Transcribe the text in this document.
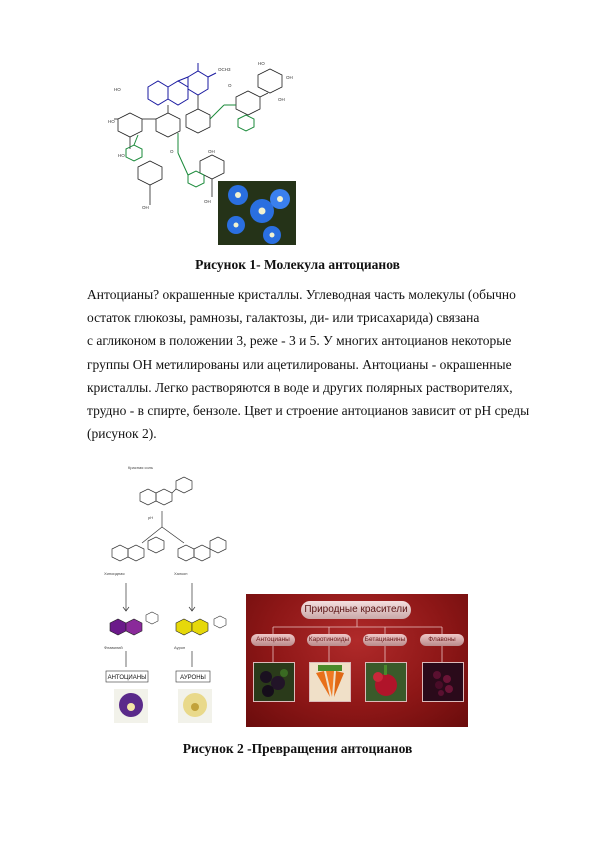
OCH3
HO
HO
O
HO
OH
OH
HO
OH
OH
O	OH
Рисунок 1- Молекула антоцианов

Антоцианы? окрашенные кристаллы. Углеводная часть молекулы (обычно

остаток глюкозы, рамнозы, галактозы, ди- или трисахарида) связана

с агликоном в положении 3, реже - 3 и 5. У многих антоцианов некоторые

группы ОН метилированы или ацетилированы. Антоцианы - окрашенные

кристаллы. Легко растворяются в воде и других полярных растворителях,

трудно - в спирте, бензоле. Цвет и строение антоцианов зависит от pH среды

(рисунок 2).

Красная соль
pH
Хиноидная	Халкон
Флавилий	Аурон
АНТОЦИАНЫ	АУРОНЫ
Природные красители
Антоцианы	Каротиноиды Бетацианины	Флавоны
Рисунок 2 -Превращения антоцианов
